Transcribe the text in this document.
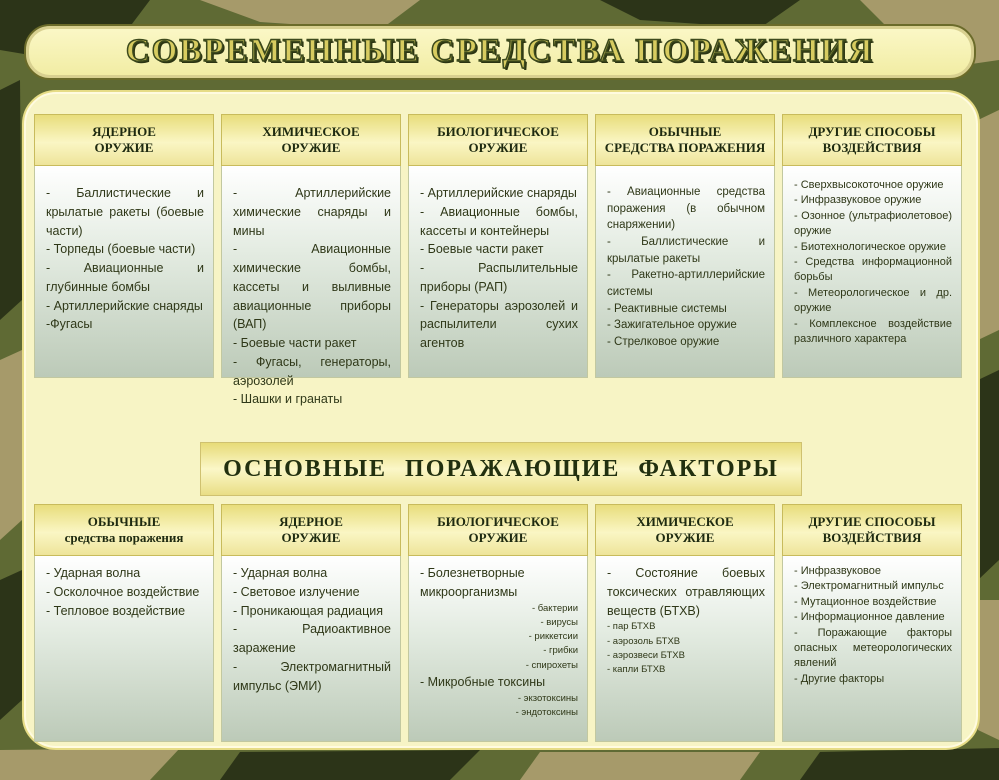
СОВРЕМЕННЫЕ СРЕДСТВА ПОРАЖЕНИЯ
ЯДЕРНОЕ
ОРУЖИЕ

- Баллистические и крылатые ракеты (боевые части)

- Торпеды (боевые части)

- Авиационные и глубинные бомбы

- Артиллерийские снаряды

-Фугасы

ХИМИЧЕСКОЕ
ОРУЖИЕ

- Артиллерийские химические снаряды и мины

- Авиационные химические бомбы, кассеты и выливные авиационные приборы (ВАП)

- Боевые части ракет

- Фугасы, генераторы, аэрозолей

- Шашки и гранаты

БИОЛОГИЧЕСКОЕ
ОРУЖИЕ

- Артиллерийские снаряды

- Авиационные бомбы, кассеты и контейнеры

- Боевые части ракет

- Распылительные приборы (РАП)

- Генераторы аэрозолей и распылители сухих агентов

ОБЫЧНЫЕ
СРЕДСТВА ПОРАЖЕНИЯ

- Авиационные средства поражения (в обычном снаряжении)

- Баллистические и крылатые ракеты

- Ракетно-артиллерийские системы

- Реактивные системы

- Зажигательное оружие

- Стрелковое оружие

ДРУГИЕ СПОСОБЫ
ВОЗДЕЙСТВИЯ

- Сверхвысокоточное оружие

- Инфразвуковое оружие

- Озонное (ультрафиолетовое) оружие

- Биотехнологическое оружие

- Средства информационной борьбы

- Метеорологическое и др. оружие

- Комплексное воздействие различного характера

ОСНОВНЫЕ ПОРАЖАЮЩИЕ ФАКТОРЫ
ОБЫЧНЫЕ
средства поражения

- Ударная волна

- Осколочное воздействие

- Тепловое воздействие

ЯДЕРНОЕ
ОРУЖИЕ

- Ударная волна

- Световое излучение

- Проникающая радиация

- Радиоактивное заражение

- Электромагнитный импульс (ЭМИ)

БИОЛОГИЧЕСКОЕ
ОРУЖИЕ

- Болезнетворные микроорганизмы

- бактерии
- вирусы
- риккетсии
- грибки
- спирохеты

- Микробные токсины

- экзотоксины
- эндотоксины
ХИМИЧЕСКОЕ
ОРУЖИЕ

- Состояние боевых токсических отравляющих веществ (БТХВ)

- пар БТХВ
- аэрозоль БТХВ
- аэрозвеси БТХВ
- капли БТХВ
ДРУГИЕ СПОСОБЫ
ВОЗДЕЙСТВИЯ

- Инфразвуковое

- Электромагнитный импульс

- Мутационное воздействие

- Информационное давление

- Поражающие факторы опасных метеорологических явлений

- Другие факторы
